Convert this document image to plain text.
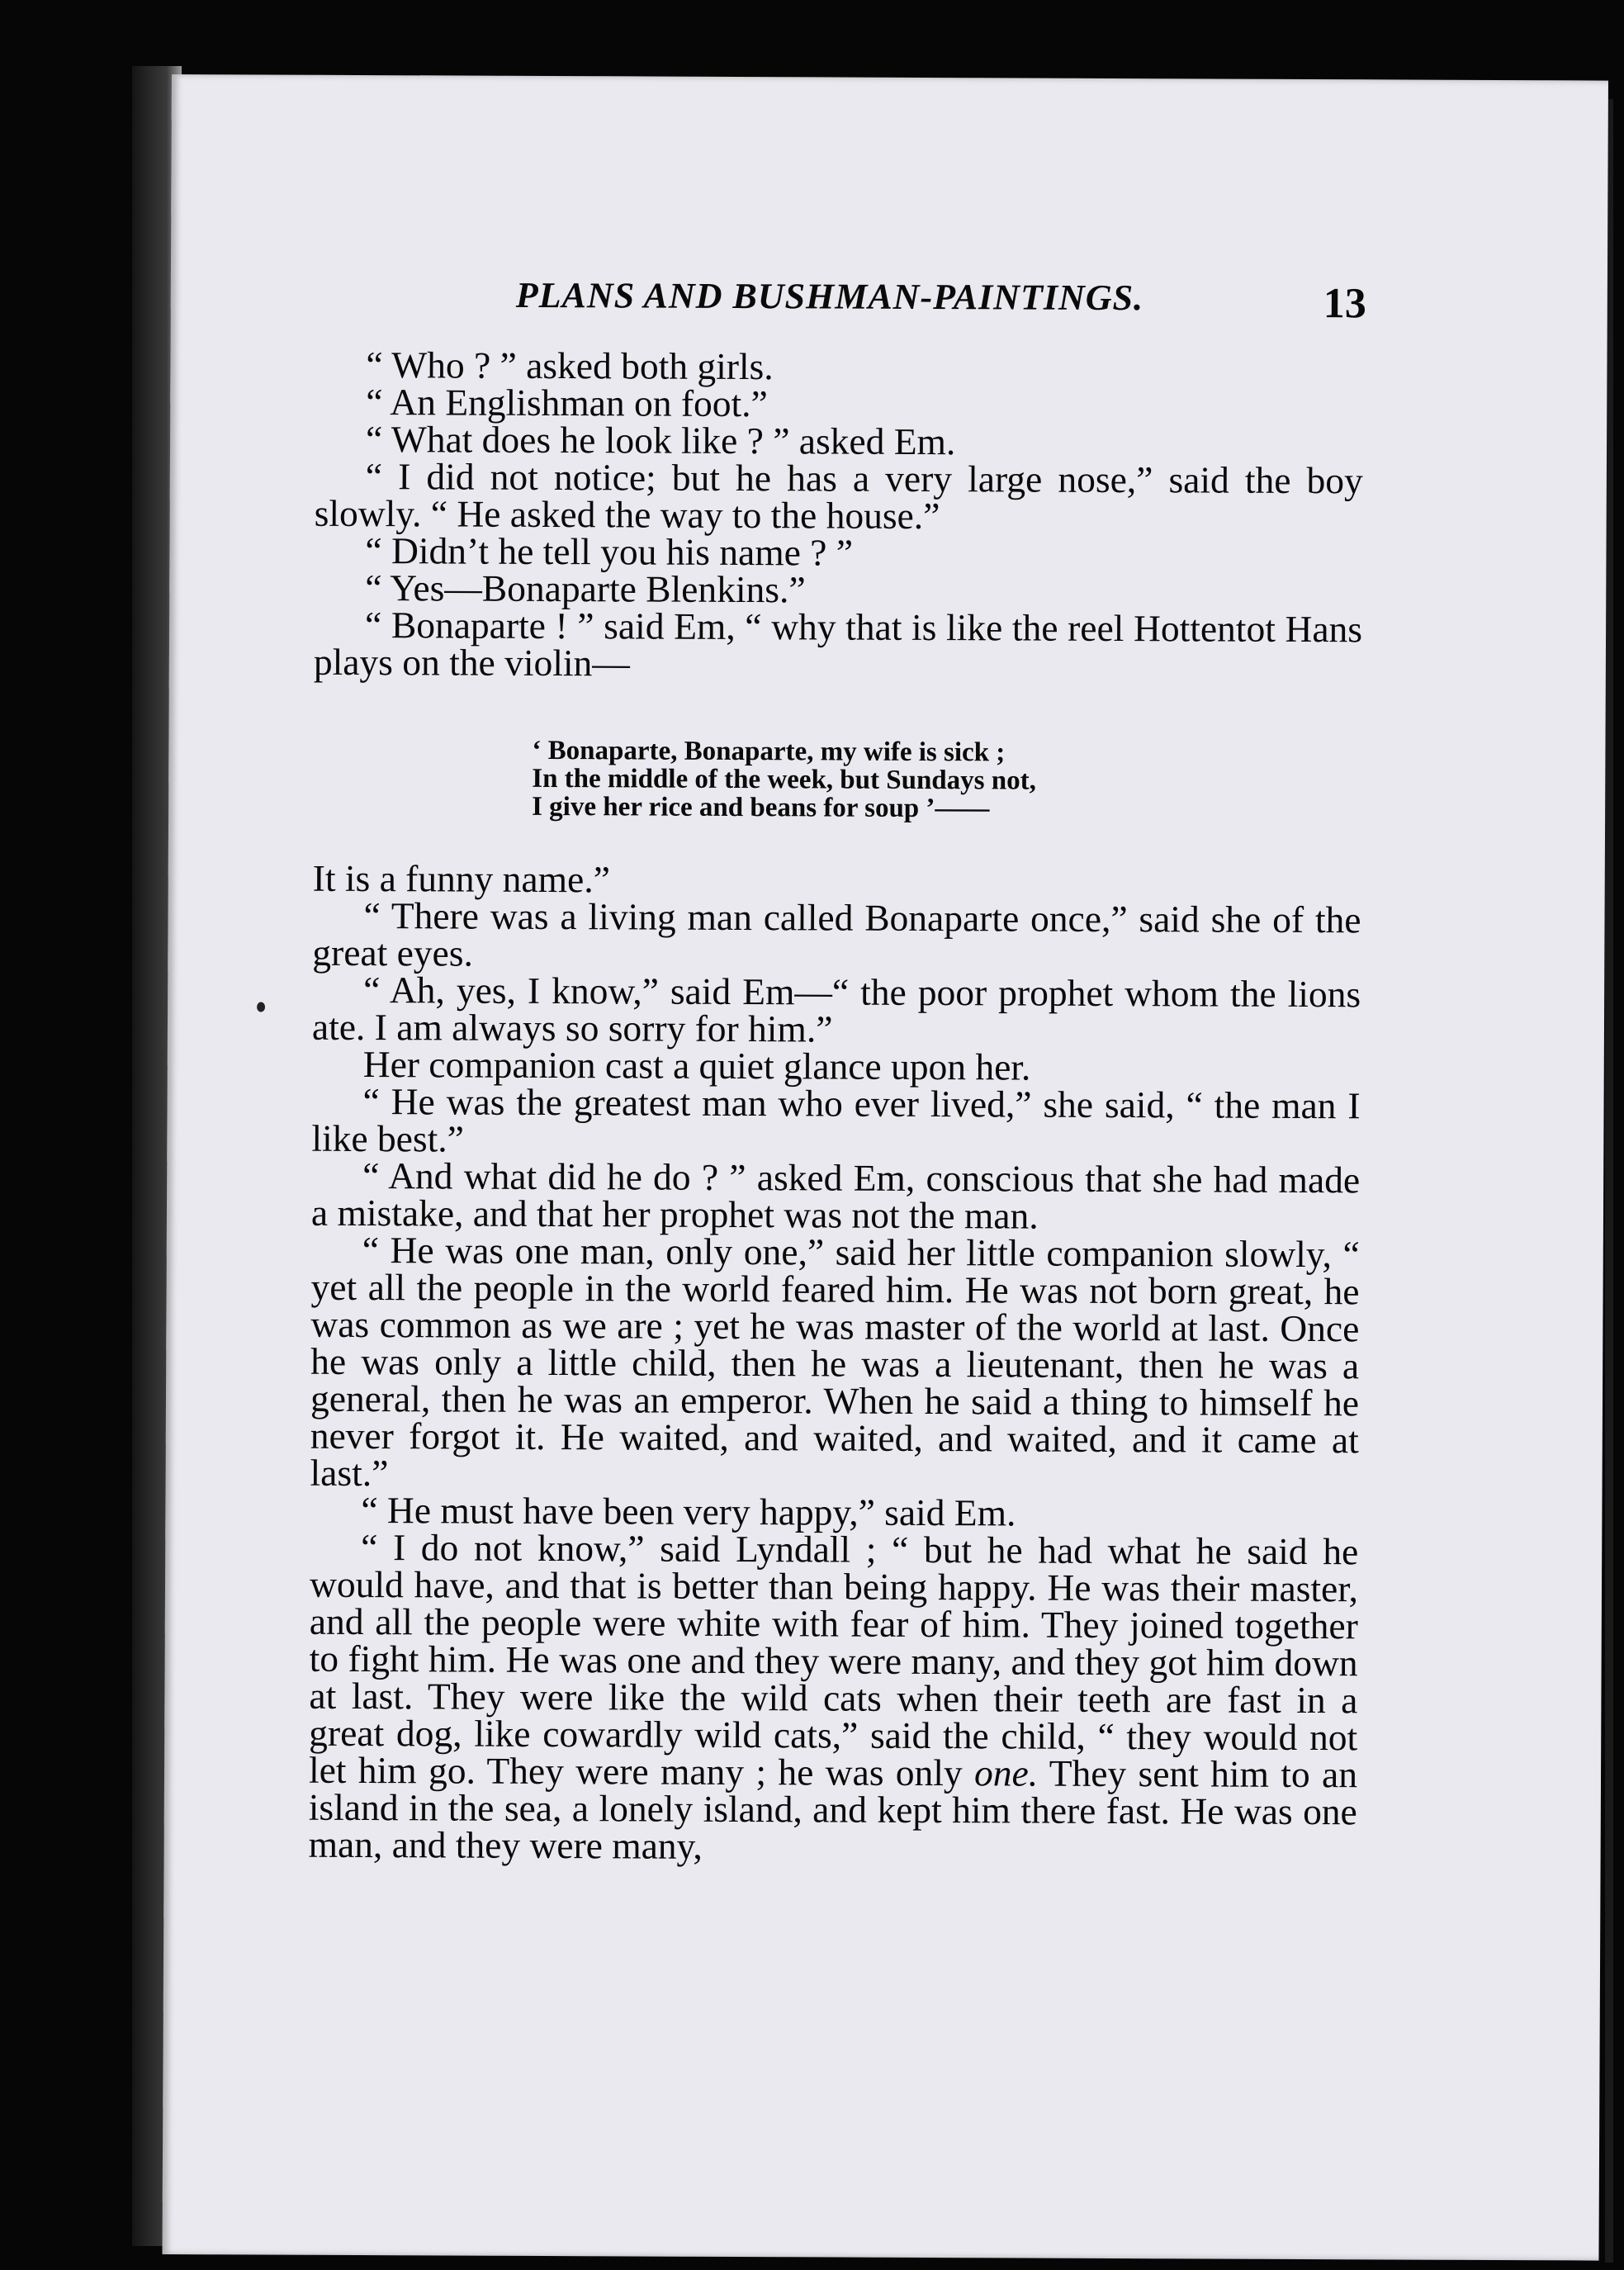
PLANS AND BUSHMAN-PAINTINGS.	13

“ Who ? ” asked both girls.

“ An Englishman on foot.”

“ What does he look like ? ” asked Em.

“ I did not notice; but he has a very large nose,” said the boy slowly. “ He asked the way to the house.”

“ Didn’t he tell you his name ? ”

“ Yes—Bonaparte Blenkins.”

“ Bonaparte ! ” said Em, “ why that is like the reel Hottentot Hans plays on the violin—

‘ Bonaparte, Bonaparte, my wife is sick ;
In the middle of the week, but Sundays not,
I give her rice and beans for soup ’——

It is a funny name.”

“ There was a living man called Bonaparte once,” said she of the great eyes.

“ Ah, yes, I know,” said Em—“ the poor prophet whom the lions ate. I am always so sorry for him.”

Her companion cast a quiet glance upon her.

“ He was the greatest man who ever lived,” she said, “ the man I like best.”

“ And what did he do ? ” asked Em, conscious that she had made a mistake, and that her prophet was not the man.

“ He was one man, only one,” said her little companion slowly, “ yet all the people in the world feared him. He was not born great, he was common as we are ; yet he was master of the world at last. Once he was only a little child, then he was a lieutenant, then he was a general, then he was an emperor. When he said a thing to himself he never forgot it. He waited, and waited, and waited, and it came at last.”

“ He must have been very happy,” said Em.

“ I do not know,” said Lyndall ; “ but he had what he said he would have, and that is better than being happy. He was their master, and all the people were white with fear of him. They joined together to fight him. He was one and they were many, and they got him down at last. They were like the wild cats when their teeth are fast in a great dog, like cowardly wild cats,” said the child, “ they would not let him go. They were many ; he was only one. They sent him to an island in the sea, a lonely island, and kept him there fast. He was one man, and they were many,
